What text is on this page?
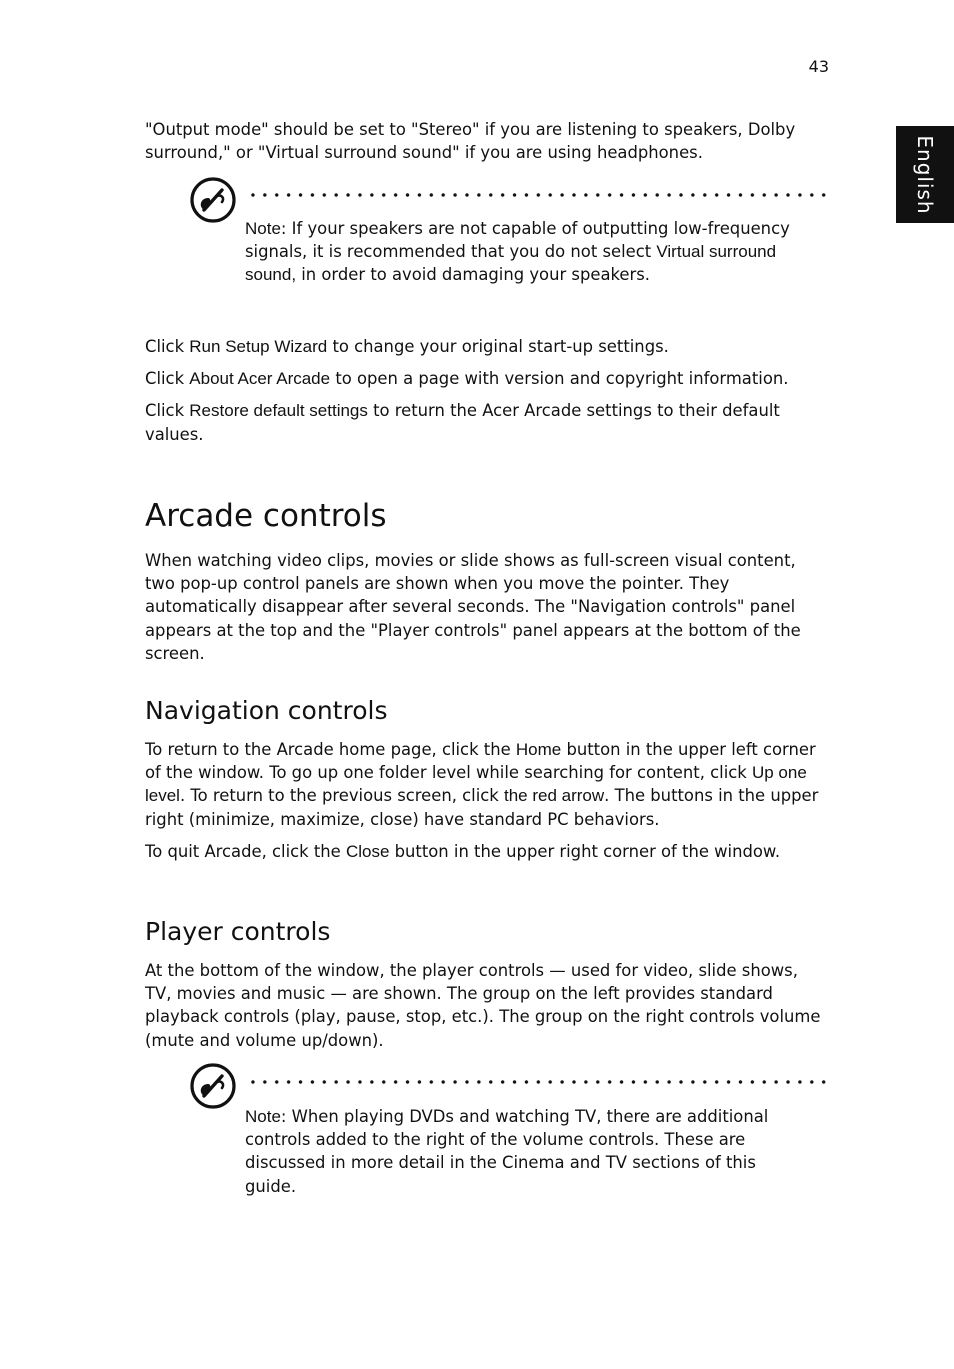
43
English

"Output mode" should be set to "Stereo" if you are listening to speakers, Dolby surround," or "Virtual surround sound" if you are using headphones.

Note: If your speakers are not capable of outputting low-frequency signals, it is recommended that you do not select Virtual surround sound, in order to avoid damaging your speakers.

Click Run Setup Wizard to change your original start-up settings.

Click About Acer Arcade to open a page with version and copyright information.

Click Restore default settings to return the Acer Arcade settings to their default values.

Arcade controls

When watching video clips, movies or slide shows as full-screen visual content, two pop-up control panels are shown when you move the pointer. They automatically disappear after several seconds. The "Navigation controls" panel appears at the top and the "Player controls" panel appears at the bottom of the screen.

Navigation controls

To return to the Arcade home page, click the Home button in the upper left corner of the window. To go up one folder level while searching for content, click Up one level. To return to the previous screen, click the red arrow. The buttons in the upper right (minimize, maximize, close) have standard PC behaviors.

To quit Arcade, click the Close button in the upper right corner of the window.

Player controls

At the bottom of the window, the player controls — used for video, slide shows, TV, movies and music — are shown. The group on the left provides standard playback controls (play, pause, stop, etc.). The group on the right controls volume (mute and volume up/down).

Note: When playing DVDs and watching TV, there are additional controls added to the right of the volume controls. These are discussed in more detail in the Cinema and TV sections of this guide.
